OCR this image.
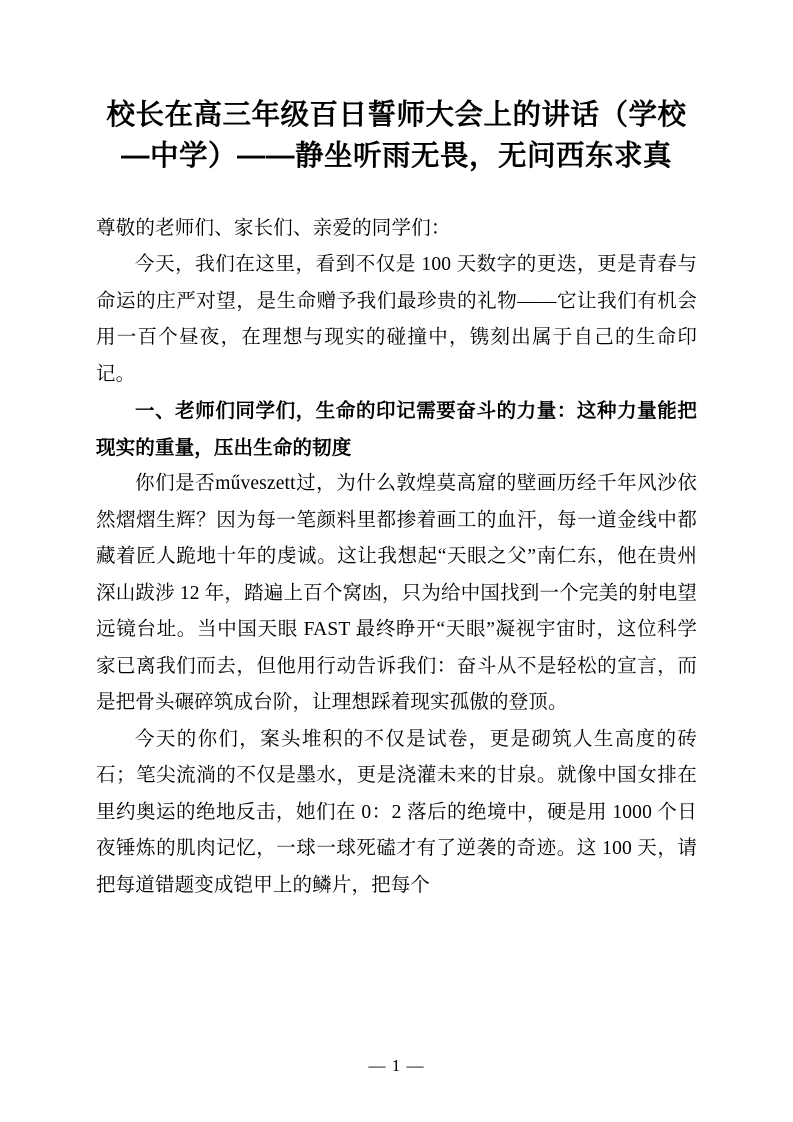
校长在高三年级百日誓师大会上的讲话（学校—中学）——静坐听雨无畏，无问西东求真

尊敬的老师们、家长们、亲爱的同学们：

今天，我们在这里，看到不仅是 100 天数字的更迭，更是青春与命运的庄严对望，是生命赠予我们最珍贵的礼物——它让我们有机会用一百个昼夜，在理想与现实的碰撞中，镌刻出属于自己的生命印记。

一、老师们同学们，生命的印记需要奋斗的力量：这种力量能把现实的重量，压出生命的韧度

你们是否műveszett过，为什么敦煌莫高窟的壁画历经千年风沙依然熠熠生辉？因为每一笔颜料里都掺着画工的血汗，每一道金线中都藏着匠人跪地十年的虔诚。这让我想起“天眼之父”南仁东，他在贵州深山跋涉 12 年，踏遍上百个窝凼，只为给中国找到一个完美的射电望远镜台址。当中国天眼 FAST 最终睁开“天眼”凝视宇宙时，这位科学家已离我们而去，但他用行动告诉我们：奋斗从不是轻松的宣言，而是把骨头碾碎筑成台阶，让理想踩着现实孤傲的登顶。

今天的你们，案头堆积的不仅是试卷，更是砌筑人生高度的砖石；笔尖流淌的不仅是墨水，更是浇灌未来的甘泉。就像中国女排在里约奥运的绝地反击，她们在 0：2 落后的绝境中，硬是用 1000 个日夜锤炼的肌肉记忆，一球一球死磕才有了逆袭的奇迹。这 100 天，请把每道错题变成铠甲上的鳞片，把每个

— 1 —
